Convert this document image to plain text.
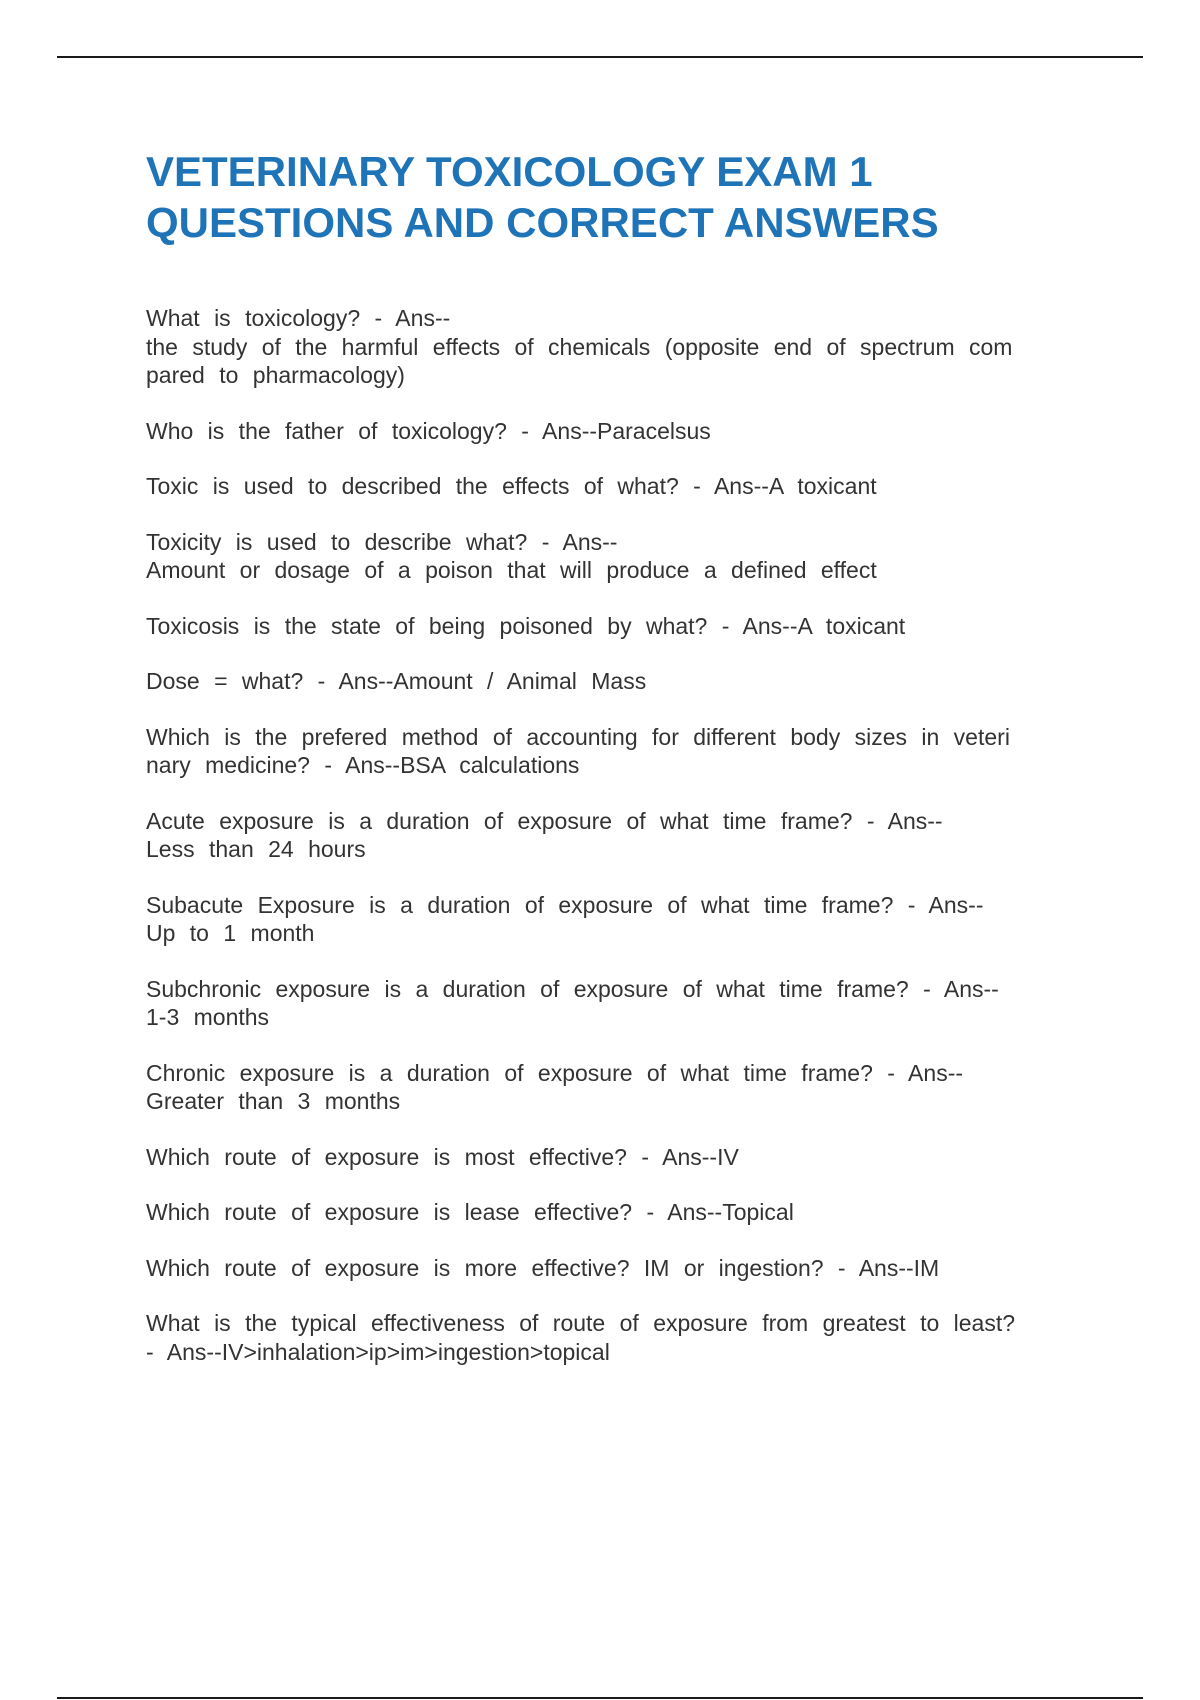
VETERINARY TOXICOLOGY EXAM 1
QUESTIONS AND CORRECT ANSWERS

What is toxicology? - Ans--
the study of the harmful effects of chemicals (opposite end of spectrum com
pared to pharmacology)

Who is the father of toxicology? - Ans--Paracelsus

Toxic is used to described the effects of what? - Ans--A toxicant

Toxicity is used to describe what? - Ans--
Amount or dosage of a poison that will produce a defined effect

Toxicosis is the state of being poisoned by what? - Ans--A toxicant

Dose = what? - Ans--Amount / Animal Mass

Which is the prefered method of accounting for different body sizes in veteri
nary medicine? - Ans--BSA calculations

Acute exposure is a duration of exposure of what time frame? - Ans--
Less than 24 hours

Subacute Exposure is a duration of exposure of what time frame? - Ans--
Up to 1 month

Subchronic exposure is a duration of exposure of what time frame? - Ans--
1-3 months

Chronic exposure is a duration of exposure of what time frame? - Ans--
Greater than 3 months

Which route of exposure is most effective? - Ans--IV

Which route of exposure is lease effective? - Ans--Topical

Which route of exposure is more effective? IM or ingestion? - Ans--IM

What is the typical effectiveness of route of exposure from greatest to least?
- Ans--IV>inhalation>ip>im>ingestion>topical
